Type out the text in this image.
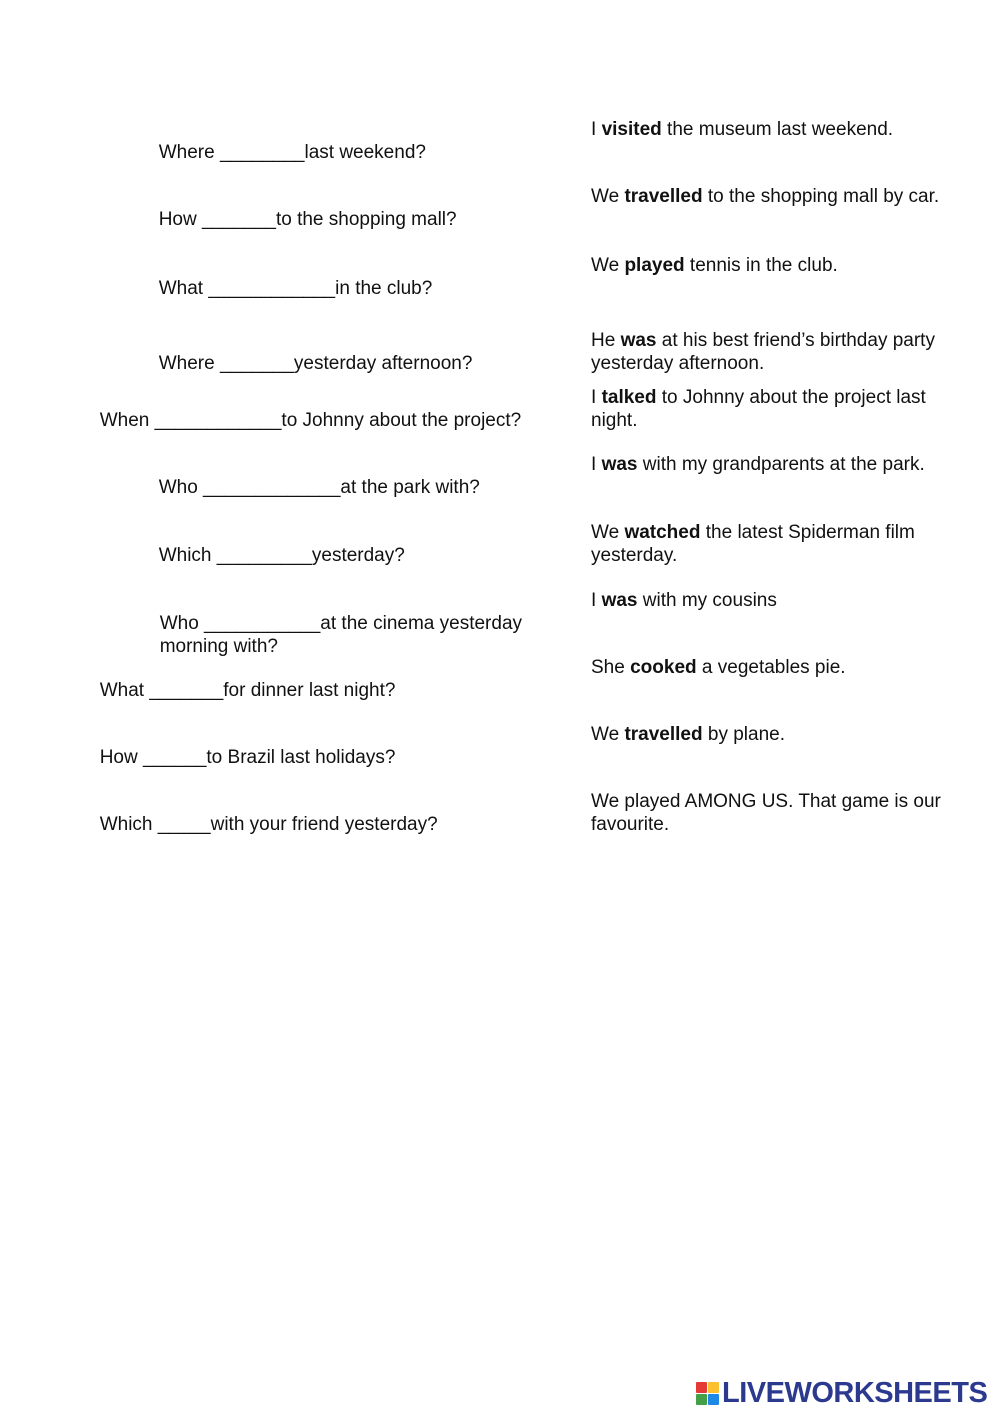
Where ________last weekend?

I visited the museum last weekend.

How _______to the shopping mall?

We travelled to the shopping mall by car.

What ____________in the club?

We played tennis in the club.

Where _______yesterday afternoon?

He was at his best friend’s birthday party yesterday afternoon.

When ____________to Johnny about the project?

I talked to Johnny about the project last night.

Who _____________at the park with?

I was with my grandparents at the park.

Which _________yesterday?

We watched the latest Spiderman film yesterday.

Who ___________at the cinema yesterday

morning with?

I was with my cousins

What _______for dinner last night?

She cooked a vegetables pie.

How ______to Brazil last holidays?

We travelled by plane.

Which _____with your friend yesterday?

We played AMONG US. That game is our favourite.
LIVEWORKSHEETS
